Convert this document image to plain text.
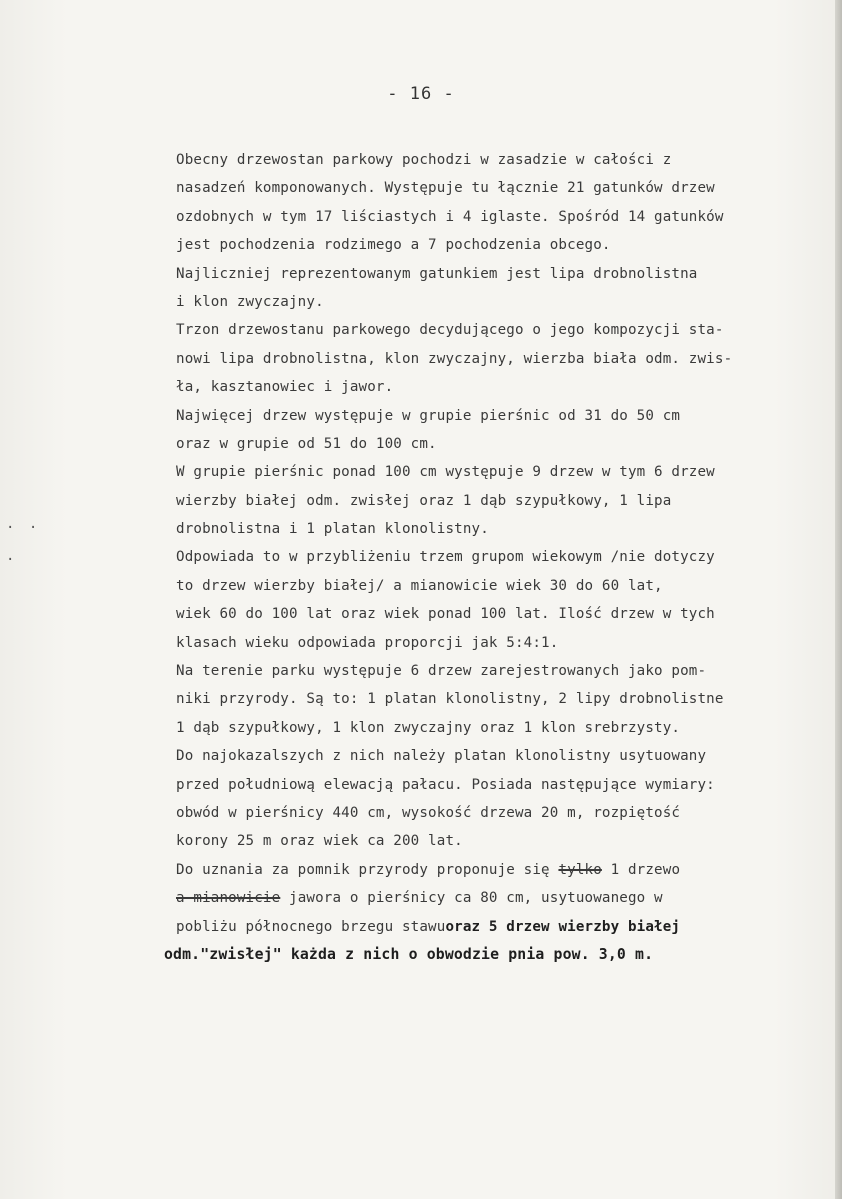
- 16 -
· ·
·
Obecny drzewostan parkowy pochodzi w zasadzie w całości z
nasadzeń komponowanych. Występuje tu łącznie 21 gatunków drzew
ozdobnych w tym 17 liściastych i 4 iglaste. Spośród 14 gatunków
jest pochodzenia rodzimego a 7 pochodzenia obcego.
Najliczniej reprezentowanym gatunkiem jest lipa drobnolistna
i klon zwyczajny.
Trzon drzewostanu parkowego decydującego o jego kompozycji sta-
nowi lipa drobnolistna, klon zwyczajny, wierzba biała odm. zwis-
ła, kasztanowiec i jawor.
Najwięcej drzew występuje w grupie pierśnic od 31 do 50 cm
oraz w grupie od 51 do 100 cm.
W grupie pierśnic ponad 100 cm występuje 9 drzew w tym 6 drzew
wierzby białej odm. zwisłej oraz 1 dąb szypułkowy, 1 lipa
drobnolistna i 1 platan klonolistny.
Odpowiada to w przybliżeniu trzem grupom wiekowym /nie dotyczy
to drzew wierzby białej/ a mianowicie wiek 30 do 60 lat,
wiek 60 do 100 lat oraz wiek ponad 100 lat. Ilość drzew w tych
klasach wieku odpowiada proporcji jak 5:4:1.
Na terenie parku występuje 6 drzew zarejestrowanych jako pom-
niki przyrody. Są to: 1 platan klonolistny, 2 lipy drobnolistne
1 dąb szypułkowy, 1 klon zwyczajny oraz 1 klon srebrzysty.
Do najokazalszych z nich należy platan klonolistny usytuowany
przed południową elewacją pałacu. Posiada następujące wymiary:
obwód w pierśnicy 440 cm, wysokość drzewa 20 m, rozpiętość
korony 25 m oraz wiek ca 200 lat.
Do uznania za pomnik przyrody proponuje się tylko 1 drzewo
a mianowicie jawora o pierśnicy ca 80 cm, usytuowanego w
pobliżu północnego brzegu stawuoraz 5 drzew wierzby białej
odm."zwisłej" każda z nich o obwodzie pnia pow. 3,0 m.
